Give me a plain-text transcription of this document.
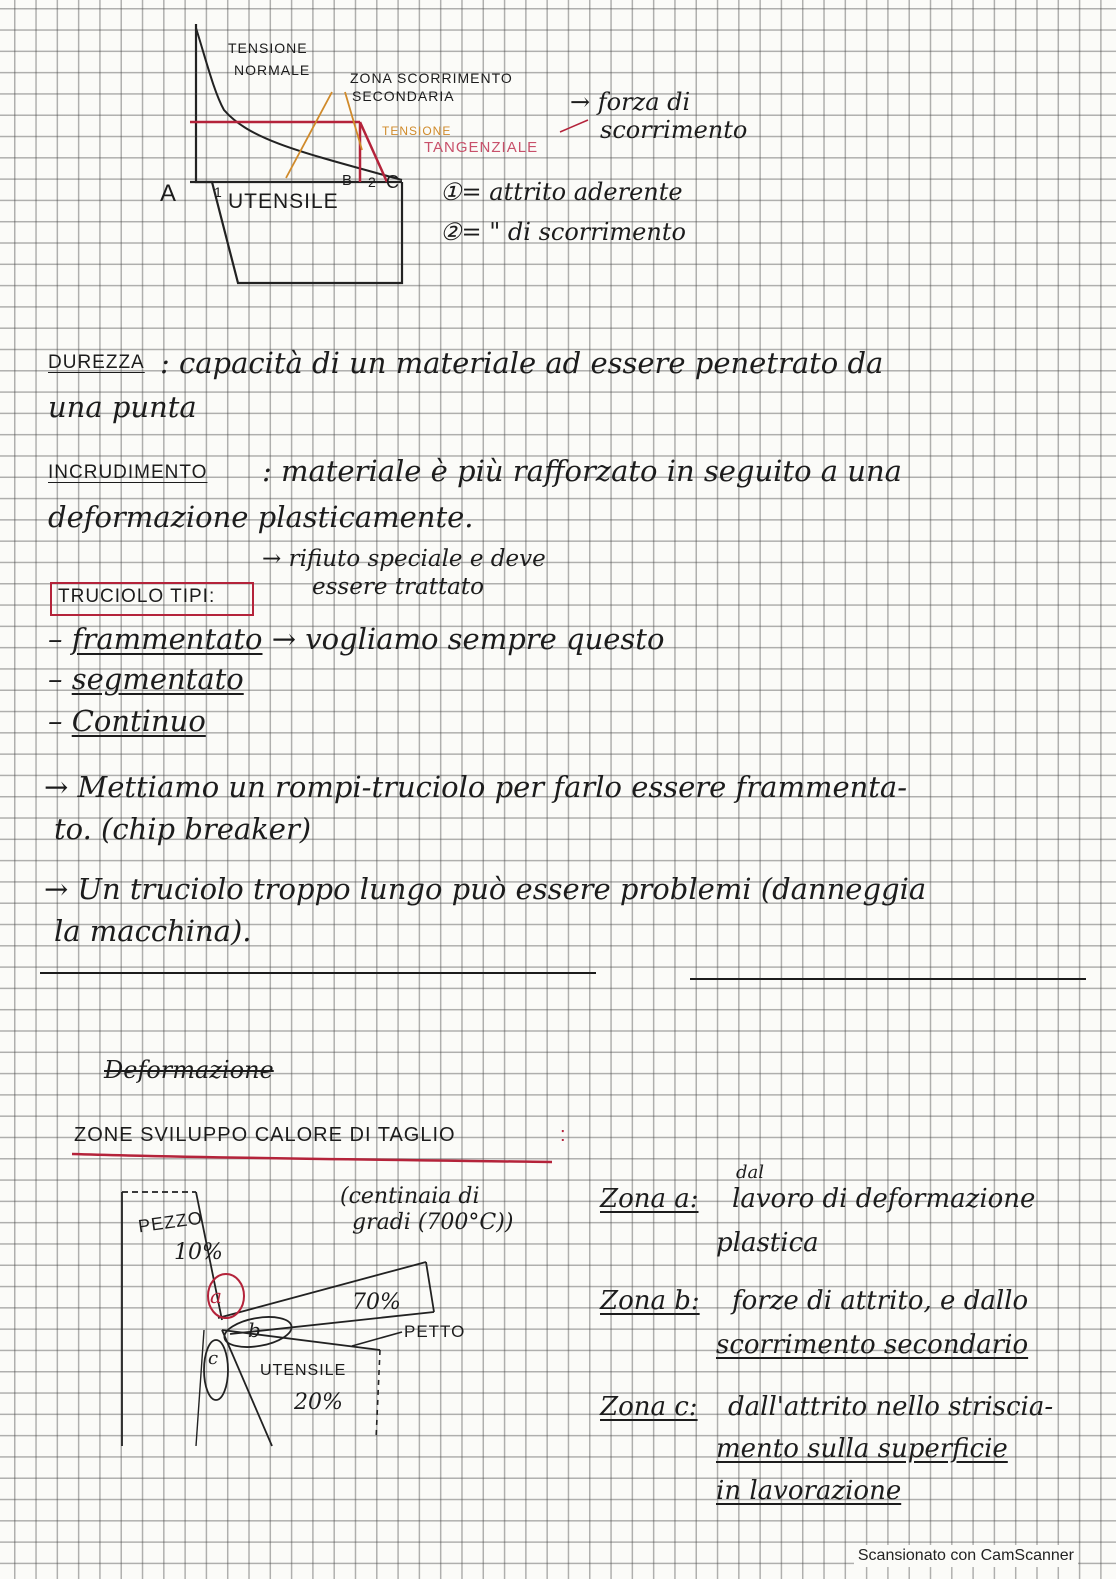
TENSIONE
NORMALE	ZONA SCORRIMENTO
SECONDARIA
TENSIONE
TANGENZIALE
→ forza di
scorrimento
A	B C
1
2
UTENSILE	①= attrito aderente
②= " di scorrimento
DUREZZA : capacità di un materiale ad essere penetrato da
una punta
INCRUDIMENTO : materiale è più rafforzato in seguito a una
deformazione plasticamente.
TRUCIOLO TIPI:
→ rifiuto speciale e deve
essere trattato
– frammentato → vogliamo sempre questo
– segmentato
– Continuo
→ Mettiamo un rompi-truciolo per farlo essere frammenta-
to. (chip breaker)
→ Un truciolo troppo lungo può essere problemi (danneggia
la macchina).
Deformazione
ZONE SVILUPPO CALORE DI TAGLIO	:
(centinaia di
gradi (700°C))
PEZZO
10%
a
b
c
70%
PETTO
UTENSILE
20%
dal
Zona a: lavoro di deformazione
plastica
Zona b: forze di attrito, e dallo
scorrimento secondario
Zona c: dall'attrito nello striscia-
mento sulla superficie
in lavorazione
Scansionato con CamScanner
